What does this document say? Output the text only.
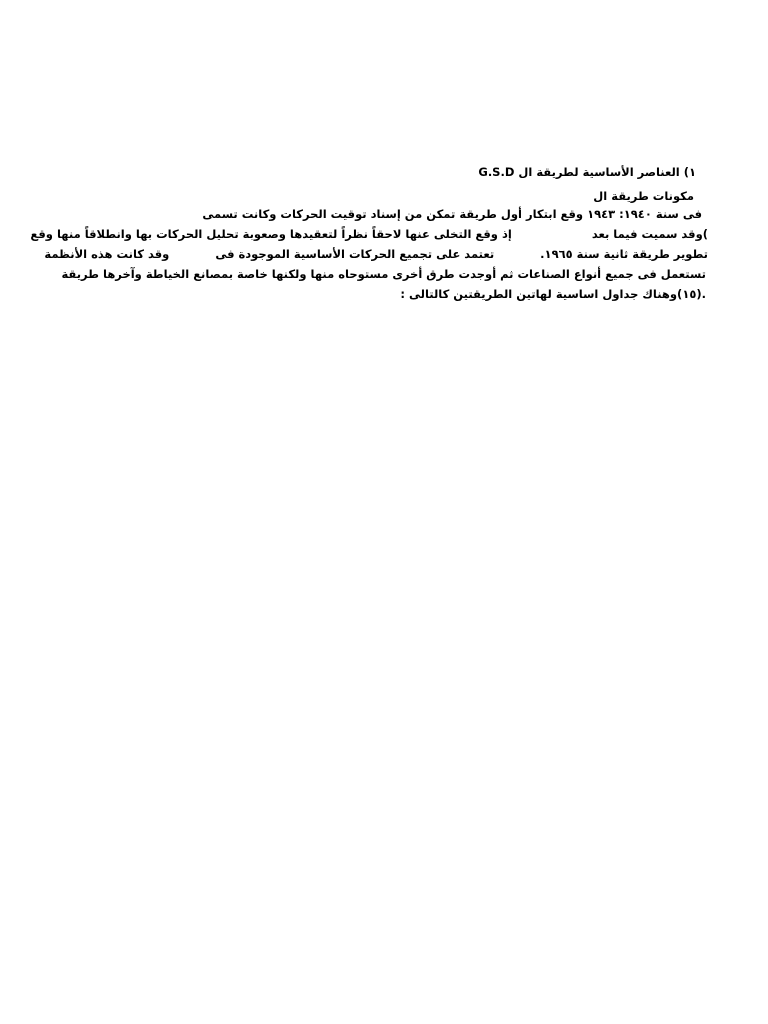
١) العناصر الأساسية لطريقة ال G.S.D
مكونات طريقة ال
فى سنة ١٩٤٠: ١٩٤٣ وقع ابتكار أول طريقة تمكن من إسناد توقيت الحركات وكانت تسمى
)وقد سميت فيما بعدإذ وقع التخلى عنها لاحقاً نظراً لتعقيدها وصعوبة تحليل الحركات بها وانطلاقاً منها وقع
تطوير طريقة ثانية سنة ١٩٦٥.تعتمد على تجميع الحركات الأساسية الموجودة فىوقد كانت هذه الأنظمة
تستعمل فى جميع أنواع الصناعات ثم أوجدت طرق أخرى مستوحاه منها ولكنها خاصة بمصانع الخياطة وآخرها طريقة
.(١٥)وهناك جداول اساسية لهاتين الطريقتين كالتالى :
